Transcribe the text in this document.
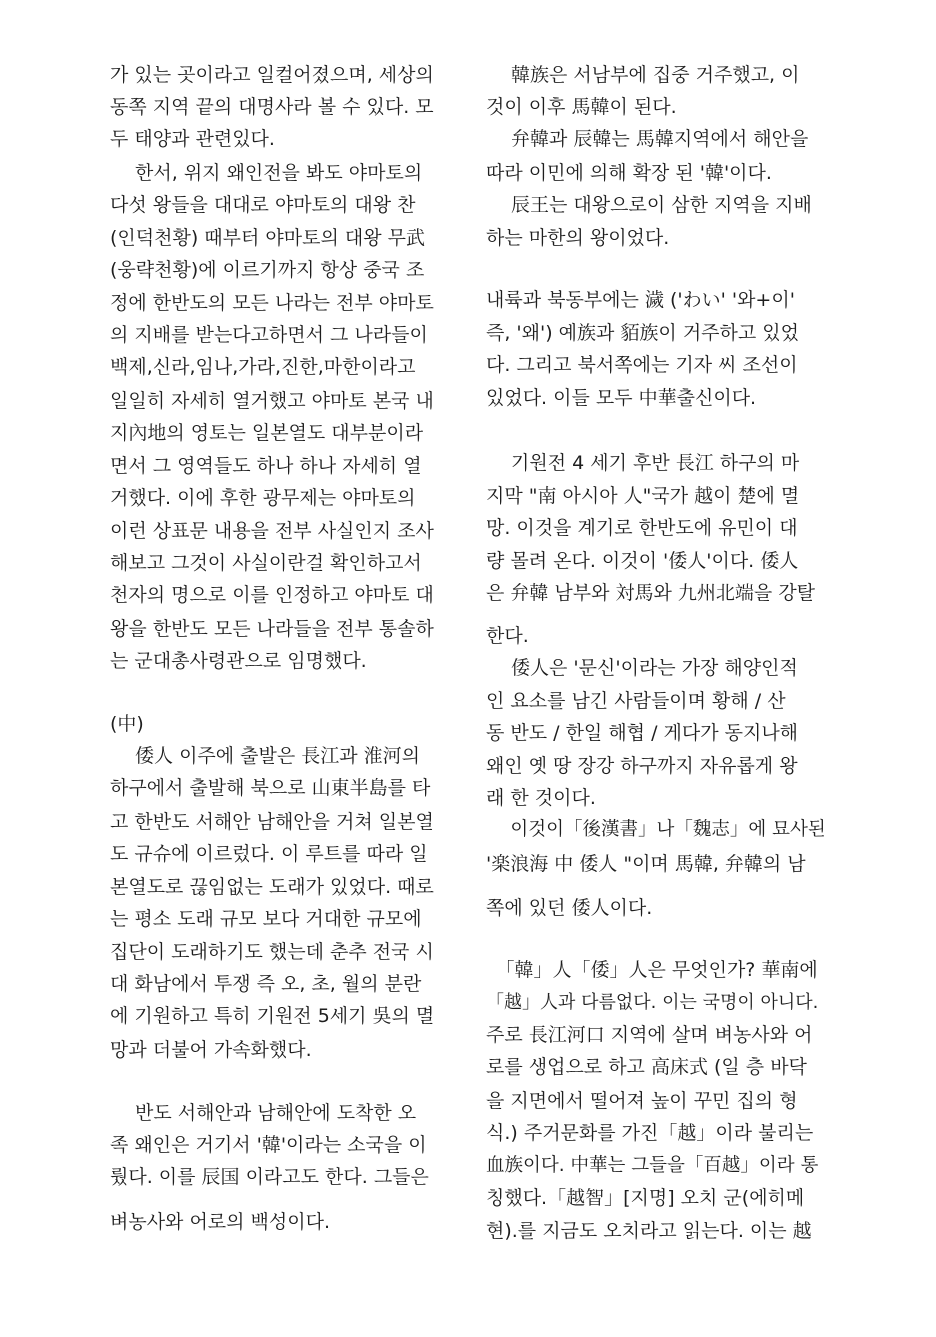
가 있는 곳이라고 일컬어졌으며, 세상의
동쪽 지역 끝의 대명사라 볼 수 있다. 모
두 태양과 관련있다.
　 한서, 위지 왜인전을 봐도 야마토의
다섯 왕들을 대대로 야마토의 대왕 찬
(인덕천황) 때부터 야마토의 대왕 무武
(웅략천황)에 이르기까지 항상 중국 조
정에 한반도의 모든 나라는 전부 야마토
의 지배를 받는다고하면서 그 나라들이
백제,신라,임나,가라,진한,마한이라고
일일히 자세히 열거했고 야마토 본국 내
지內地의 영토는 일본열도 대부분이라
면서 그 영역들도 하나 하나 자세히 열
거했다. 이에 후한 광무제는 야마토의
이런 상표문 내용을 전부 사실인지 조사
해보고 그것이 사실이란걸 확인하고서
천자의 명으로 이를 인정하고 야마토 대
왕을 한반도 모든 나라들을 전부 통솔하
는 군대총사령관으로 임명했다.
(中)
　 倭人 이주에 출발은 長江과 淮河의
하구에서 출발해 북으로 山東半島를 타
고 한반도 서해안 남해안을 거쳐 일본열
도 규슈에 이르렀다. 이 루트를 따라 일
본열도로 끊임없는 도래가 있었다. 때로
는 평소 도래 규모 보다 거대한 규모에
집단이 도래하기도 했는데 춘추 전국 시
대 화남에서 투쟁 즉 오, 초, 월의 분란
에 기원하고 특히 기원전 5세기 吳의 멸
망과 더불어 가속화했다.
　 반도 서해안과 남해안에 도착한 오
족 왜인은 거기서 '韓'이라는 소국을 이
뤘다. 이를 辰国 이라고도 한다. 그들은
벼농사와 어로의 백성이다.
　 韓族은 서남부에 집중 거주했고, 이
것이 이후 馬韓이 된다.
　 弁韓과 辰韓는 馬韓지역에서 해안을
따라 이민에 의해 확장 된 '韓'이다.
　 辰王는 대왕으로이 삼한 지역을 지배
하는 마한의 왕이었다.
내륙과 북동부에는 濊 ('わい' '와+이'
즉, '왜') 예族과 貊族이 거주하고 있었
다. 그리고 북서쪽에는 기자 씨 조선이
있었다. 이들 모두 中華출신이다.
　 기원전 4 세기 후반 長江 하구의 마
지막 "南 아시아 人"국가 越이 楚에 멸
망. 이것을 계기로 한반도에 유민이 대
량 몰려 온다. 이것이 '倭人'이다. 倭人
은 弁韓 남부와 対馬와 九州北端을 강탈
한다.
　 倭人은 '문신'이라는 가장 해양인적
인 요소를 남긴 사람들이며 황해 / 산
동 반도 / 한일 해협 / 게다가 동지나해
왜인 옛 땅 장강 하구까지 자유롭게 왕
래 한 것이다.
　 이것이「後漢書」나「魏志」에 묘사된
'楽浪海 中 倭人 "이며 馬韓, 弁韓의 남
쪽에 있던 倭人이다.
　「韓」人「倭」人은 무엇인가? 華南에
「越」人과 다름없다. 이는 국명이 아니다.
주로 長江河口 지역에 살며 벼농사와 어
로를 생업으로 하고 高床式 (일 층 바닥
을 지면에서 떨어져 높이 꾸민 집의 형
식.) 주거문화를 가진「越」이라 불리는
血族이다. 中華는 그들을「百越」이라 통
칭했다.「越智」[지명] 오치 군(에히메
현).를 지금도 오치라고 읽는다. 이는 越
